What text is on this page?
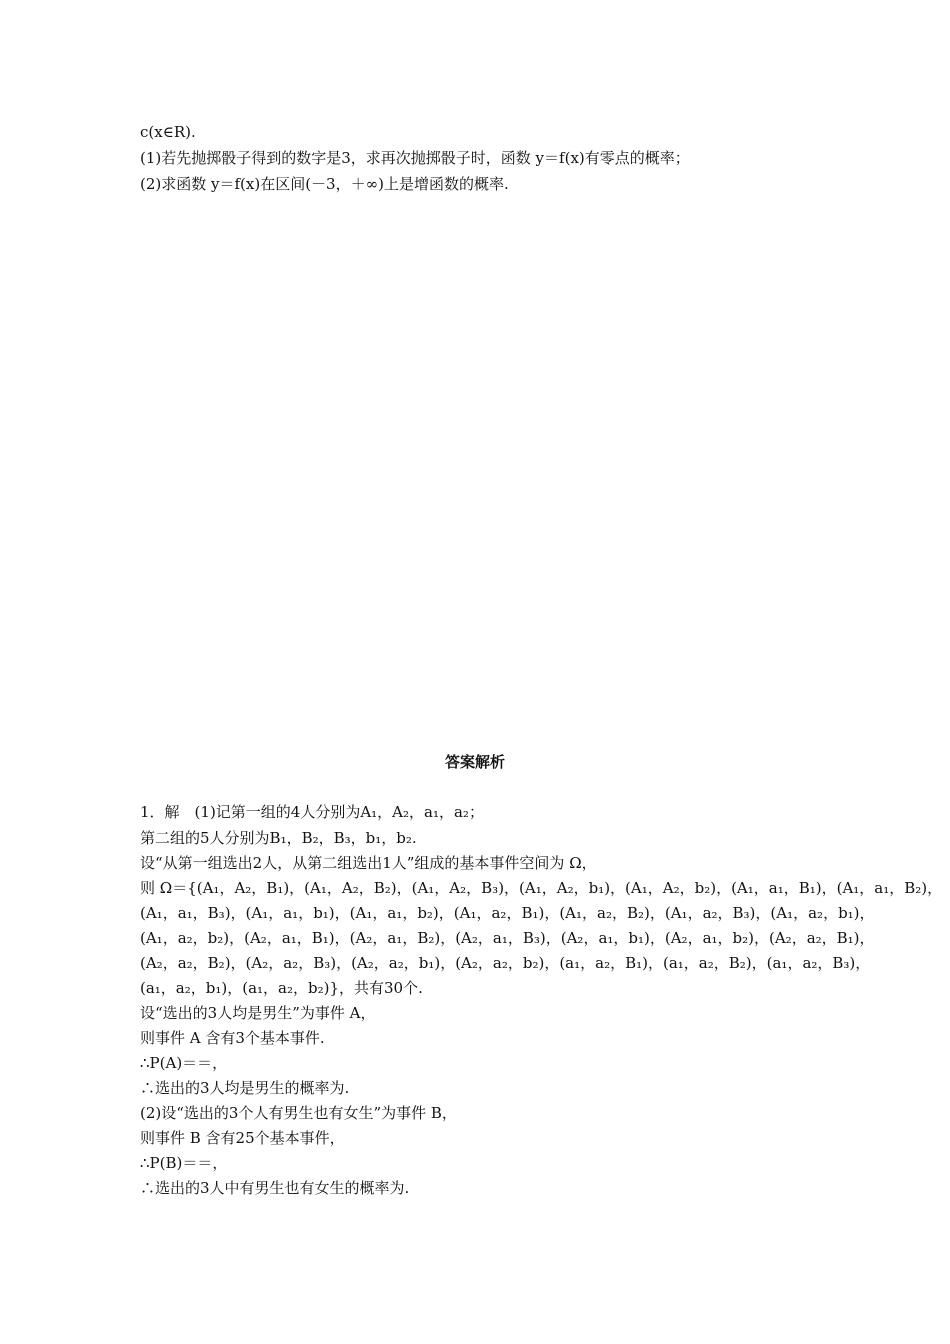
c(x∈R).
(1)若先抛掷骰子得到的数字是3，求再次抛掷骰子时，函数 y＝f(x)有零点的概率；
(2)求函数 y＝f(x)在区间(－3，＋∞)上是增函数的概率.
答案解析
1．解　(1)记第一组的4人分别为A₁，A₂，a₁，a₂；
第二组的5人分别为B₁，B₂，B₃，b₁，b₂.
设“从第一组选出2人，从第二组选出1人”组成的基本事件空间为 Ω，
则 Ω＝{(A₁，A₂，B₁)，(A₁，A₂，B₂)，(A₁，A₂，B₃)，(A₁，A₂，b₁)，(A₁，A₂，b₂)，(A₁，a₁，B₁)，(A₁，a₁，B₂)，
(A₁，a₁，B₃)，(A₁，a₁，b₁)，(A₁，a₁，b₂)，(A₁，a₂，B₁)，(A₁，a₂，B₂)，(A₁，a₂，B₃)，(A₁，a₂，b₁)，
(A₁，a₂，b₂)，(A₂，a₁，B₁)，(A₂，a₁，B₂)，(A₂，a₁，B₃)，(A₂，a₁，b₁)，(A₂，a₁，b₂)，(A₂，a₂，B₁)，
(A₂，a₂，B₂)，(A₂，a₂，B₃)，(A₂，a₂，b₁)，(A₂，a₂，b₂)，(a₁，a₂，B₁)，(a₁，a₂，B₂)，(a₁，a₂，B₃)，
(a₁，a₂，b₁)，(a₁，a₂，b₂)}，共有30个.
设“选出的3人均是男生”为事件 A，
则事件 A 含有3个基本事件.
∴P(A)＝＝，
∴选出的3人均是男生的概率为.
(2)设“选出的3个人有男生也有女生”为事件 B，
则事件 B 含有25个基本事件，
∴P(B)＝＝，
∴选出的3人中有男生也有女生的概率为.
